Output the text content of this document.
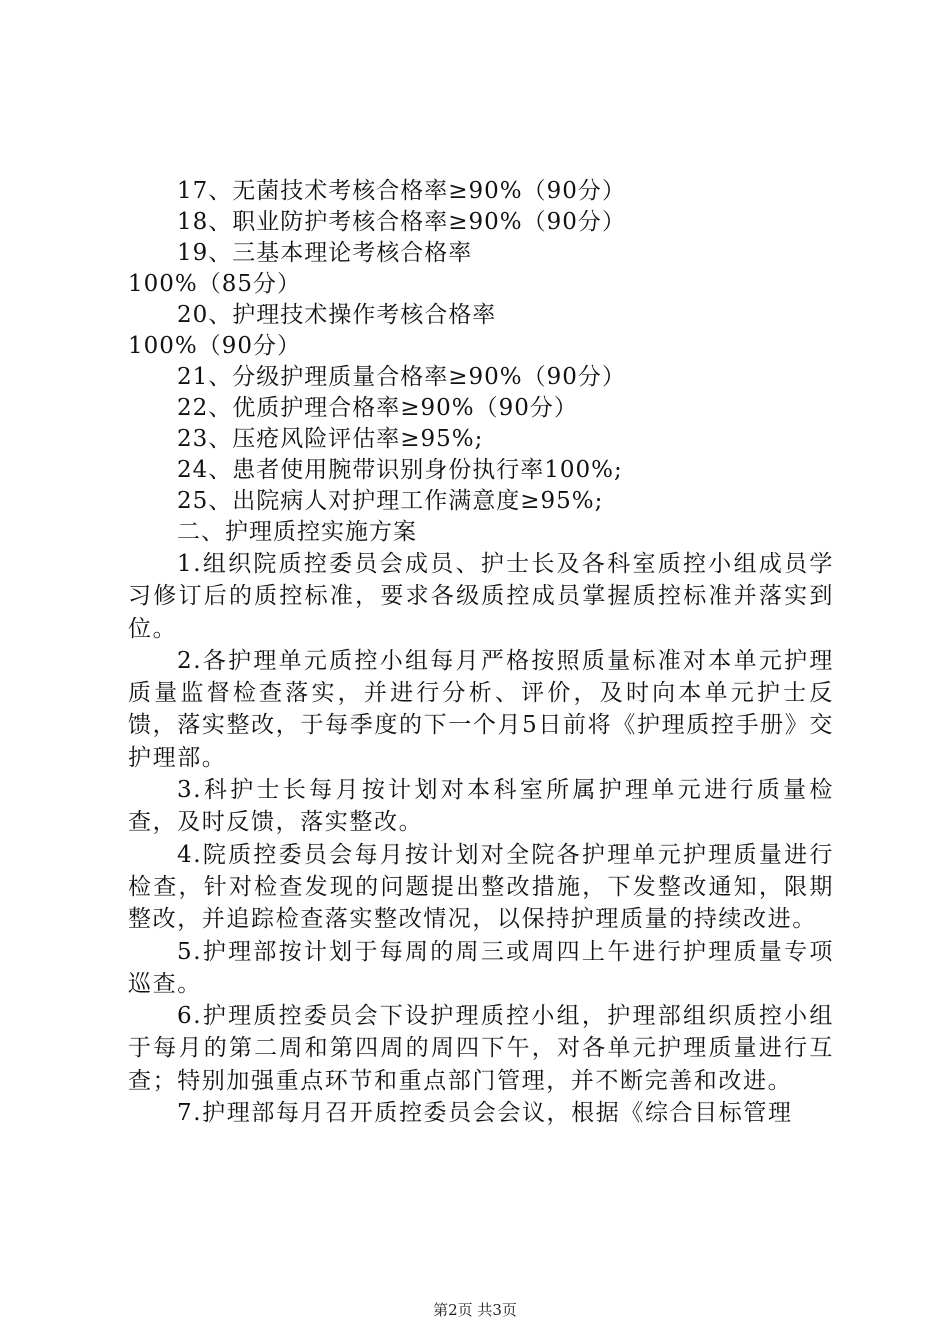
17、无菌技术考核合格率≥90%（90分）
18、职业防护考核合格率≥90%（90分）
19、三基本理论考核合格率
100%（85分）
20、护理技术操作考核合格率
100%（90分）
21、分级护理质量合格率≥90%（90分）
22、优质护理合格率≥90%（90分）
23、压疮风险评估率≥95%;
24、患者使用腕带识别身份执行率100%;
25、出院病人对护理工作满意度≥95%;
二、护理质控实施方案

1.组织院质控委员会成员、护士长及各科室质控小组成员学习修订后的质控标准，要求各级质控成员掌握质控标准并落实到位。

2.各护理单元质控小组每月严格按照质量标准对本单元护理质量监督检查落实，并进行分析、评价，及时向本单元护士反馈，落实整改，于每季度的下一个月5日前将《护理质控手册》交护理部。

3.科护士长每月按计划对本科室所属护理单元进行质量检查，及时反馈，落实整改。

4.院质控委员会每月按计划对全院各护理单元护理质量进行检查，针对检查发现的问题提出整改措施，下发整改通知，限期整改，并追踪检查落实整改情况，以保持护理质量的持续改进。

5.护理部按计划于每周的周三或周四上午进行护理质量专项巡查。

6.护理质控委员会下设护理质控小组，护理部组织质控小组于每月的第二周和第四周的周四下午，对各单元护理质量进行互查；特别加强重点环节和重点部门管理，并不断完善和改进。

7.护理部每月召开质控委员会会议，根据《综合目标管理

第2页 共3页
